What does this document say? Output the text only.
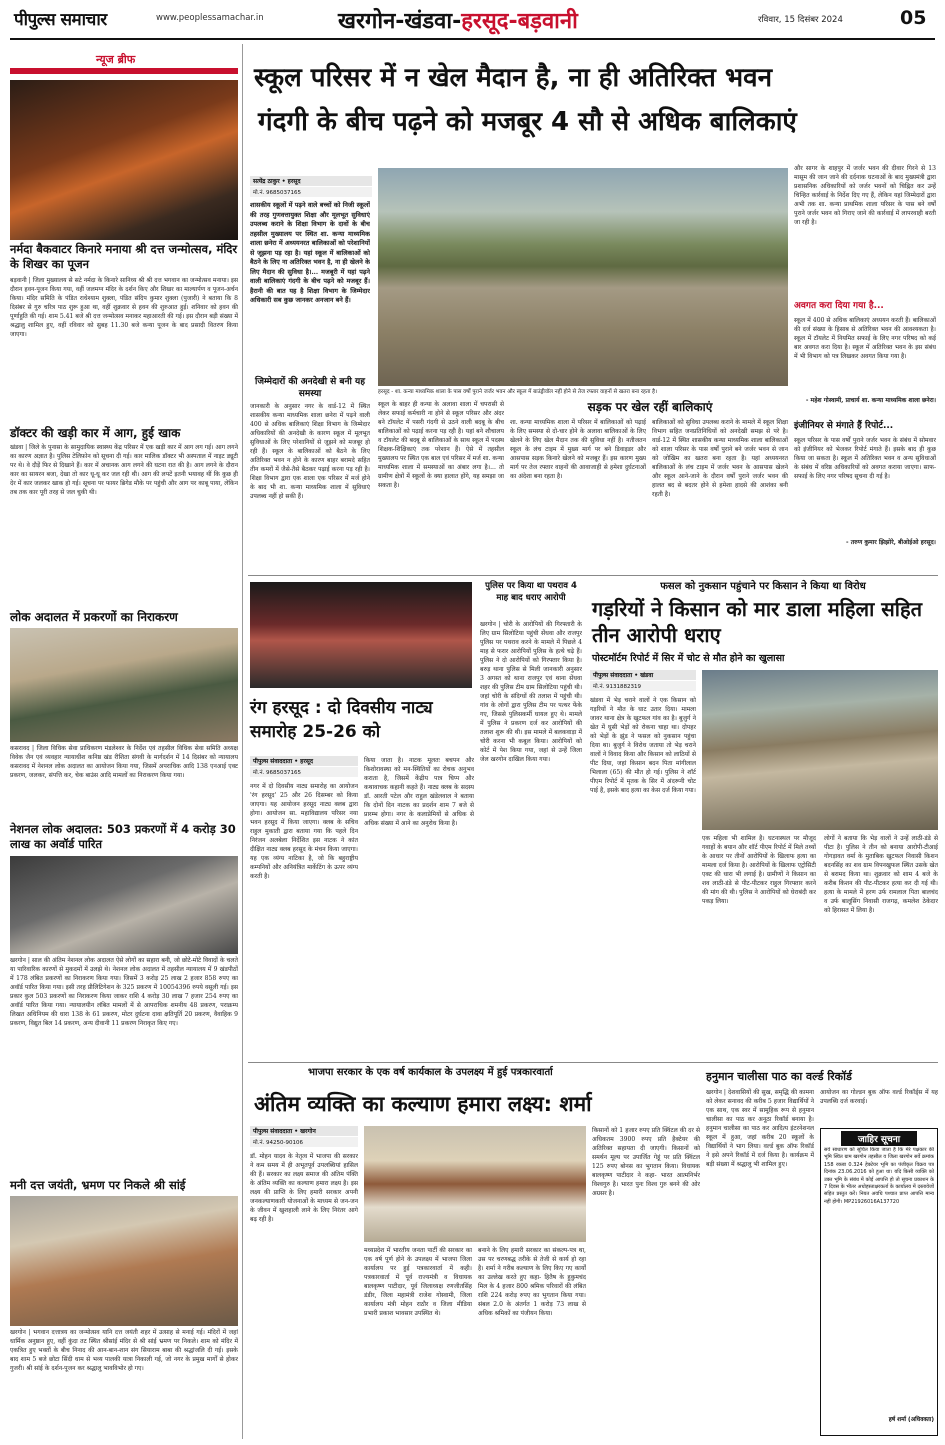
पीपुल्स समाचार	www.peoplessamachar.in	खरगोन-खंडवा-हरसूद-बड़वानी	रविवार, 15 दिसंबर 2024	05
न्यूज ब्रीफ
नर्मदा बैकवाटर किनारे मनाया श्री दत्त जन्मोत्सव, मंदिर के शिखर का पूजन
बड़वानी | जिला मुख्यालय से सटे नर्मदा के किनारे सानिध्य श्री श्री दत्त भगवान का जन्मोत्सव मनाया। इस दौरान हवन-पूजन किया गया, वहीं जलमग्न मंदिर के दर्शन किए और शिखर का माल्यार्पण व पूजन-अर्चन किया। मंदिर समिति के पंडित राधेश्याम शुक्ला, पंडित संदिप कुमार शुक्ला (पुजारी) ने बताया कि 8 दिसंबर से गुरु चरित्र पाठ शुरू हुआ था, वहीं शुक्रवार से हवन की शुरुआत हुई। शनिवार को हवन की पूर्णाहुति की गई। शाम 5.41 बजे श्री दत्त जन्मोत्सव मनाकर महाआरती की गई। इस दौरान बड़ी संख्या में श्रद्धालु शामिल हुए, वहीं रविवार को सुबह 11.30 बजे कन्या पूजन के बाद प्रसादी वितरण किया जाएगा।
डॉक्टर की खड़ी कार में आग, हुई खाक
खंडवा | जिले के पुनासा के सामुदायिक स्वास्थ्य केंद्र परिसर में एक खड़ी कार में आग लग गई। आग लगने का कारण अज्ञात है। पुलिस टेलिफ़ोन को सूचना दी गई। कार मालिक डॉक्टर भी अस्पताल में नाइट ड्यूटी पर थे। वे दौड़ें फिर से दिखाने हैं। कार में अचानक आग लगने की घटना रात की है। आग लगने के दौरान कार का सायरन बजा, देखा तो कार धू-धू कर जल रही थी। आग की लपटें इतनी भयावह थीं कि कुछ ही देर में कार जलकर खाक हो गई। सूचना पर फायर ब्रिगेड मौके पर पहुंची और आग पर काबू पाया, लेकिन तब तक कार पूरी तरह से जल चुकी थी।
लोक अदालत में प्रकरणों का निराकरण
कसरावद | जिला विधिक सेवा प्राधिकरण मंडलेश्वर के निर्देश एवं तहसील विधिक सेवा समिति अध्यक्ष विवेक जैन एवं व्यवहार न्यायाधीश कनिष्ठ खंड रीशिता संगवी के मार्गदर्शन में 14 दिसंबर को न्यायालय कसरावद में नेशनल लोक अदालत का आयोजन किया गया, जिसमें अपराधिक आदि 138 एनआई एक्ट प्रकरण, जलकर, संपत्ति कर, चेक बाउंस आदि मामलों का निराकरण किया गया।
नेशनल लोक अदालत: 503 प्रकरणों में 4 करोड़ 30 लाख का अवॉर्ड पारित
खरगोन | साल की अंतिम नेशनल लोक अदालत ऐसे लोगों का सहारा बनी, जो छोटे-मोटे विवादों के चलते या पारिवारिक कारणों से मुकदमों में उलझे थे। नेशनल लोक अदालत में तहसील न्यायालय में 9 खंडपीठों में 178 लंबित प्रकरणों का निराकरण किया गया। जिसमें 3 करोड़ 25 लाख 2 हजार 858 रुपए का अवॉर्ड पारित किया गया। इसी तरह प्रीलिटिगेशन के 325 प्रकरण में 10054396 रुपये वसूली गई। इस प्रकार कुल 503 प्रकरणों का निराकरण किया जाकर राशि 4 करोड़ 30 लाख 7 हजार 254 रुपए का अवॉर्ड पारित किया गया। न्यायालयीन लंबित मामलों में से आपराधिक शमनीय 48 प्रकरण, पराक्रम्य लिखत अधिनियम की धारा 138 के 61 प्रकरण, मोटर दुर्घटना दावा क्षतिपूर्ति 20 प्रकरण, वैवाहिक 9 प्रकरण, विद्युत बिल 14 प्रकरण, अन्य दीवानी 11 प्रकरण निराकृत किए गए।
मनी दत्त जयंती, भ्रमण पर निकले श्री सांई
खरगोन | भगवान दत्तात्रय का जन्मोत्सव यानि दत्त जयंती शहर में उत्साह से मनाई गई। मंदिरों में जहां धार्मिक अनुष्ठान हुए, वहीं कुंदा तट स्थित श्रीसांई मंदिर से श्री सांई भ्रमण पर निकले। शाम को मंदिर में एकत्रित हुए भक्तों के बीच निनाद की आन-बान-शान संग सियाराम बाबा की श्रद्धांजलि दी गई। इसके बाद शाम 5 बजे छोटा सिंदी धाम से भव्य पालकी यात्रा निकाली गई, जो नगर के प्रमुख मार्गों से होकर गुजरी। श्री सांई के दर्शन-पूजन कर श्रद्धालु भावविभोर हो गए।
स्कूल परिसर में न खेल मैदान है, ना ही अतिरिक्त भवन
गंदगी के बीच पढ़ने को मजबूर 4 सौ से अधिक बालिकाएं
सत्येंद्र ठाकुर • हरसूद
मो.नं. 9685037165
शासकीय स्कूलों में पढ़ने वाले बच्चों को निजी स्कूलों की तरह गुणवत्तायुक्त शिक्षा और मूलभूत सुविधाएं उपलब्ध कराने के शिक्षा विभाग के दावों के बीच तहसील मुख्यालय पर स्थित शा. कन्या माध्यमिक शाला छनेरा में अध्ययनरत बालिकाओं को परेशानियों से जूझना पड़ रहा है। यहां स्कूल में बालिकाओं को बैठने के लिए ना अतिरिक्त भवन है, ना ही खेलने के लिए मैदान की सुविधा है।... मजबूरी में यहां पढ़ने वाली बालिकाएं गंदगी के बीच पढ़ने को मजबूर हैं। हैरानी की बात यह है शिक्षा विभाग के जिम्मेदार अधिकारी सब कुछ जानकर अनजान बने हैं।
जिम्मेदारों की अनदेखी से बनी यह समस्या
जानकारी के अनुसार नगर के वार्ड-12 में स्थित शासकीय कन्या माध्यमिक शाला छनेरा में पढ़ने वाली 400 से अधिक बालिकाएं शिक्षा विभाग के जिम्मेदार अधिकारियों की अनदेखी के कारण स्कूल में मूलभूत सुविधाओं के लिए परेशानियों से जूझने को मजबूर हो रही हैं। स्कूल के बालिकाओं को बैठने के लिए अतिरिक्त भवन न होने के कारण बाहर बरामदे सहित तीन कमरों में जैसे-तैसे बैठकर पढ़ाई करना पड़ रही है। शिक्षा विभाग द्वारा एक शाला एक परिसर में मर्ज होने के बाद भी शा. कन्या माध्यमिक शाला में सुविधाएं उपलब्ध नहीं हो सकी हैं।
हरसूद - शा. कन्या माध्यमिक शाला के पास वर्षों पुराने जर्जर भवन और स्कूल में बाउंड्रीवॉल नहीं होने से तेज रफ्तार वाहनों से खतरा बना रहता है।
स्कूल के बाहर ही कन्या के अलावा शाला में चपरासी से लेकर सफाई कर्मचारी ना होने से स्कूल परिसर और अंदर बने टॉयलेट में पसरी गंदगी से उठने वाली बदबू के बीच बालिकाओं को पढ़ाई करना पड़ रही है। यहां बने शौचालय व टॉयलेट की बदबू से बालिकाओं के साथ स्कूल में पदस्थ शिक्षक-शिक्षिकाएं तक परेशान हैं। ऐसे में तहसील मुख्यालय पर स्थित एक बाल एवं परिसर में मर्ज शा. कन्या माध्यमिक शाला में समस्याओं का अंबार लगा है।... तो ग्रामीण क्षेत्रों में स्कूलों के क्या हालात होंगे, यह समझा जा सकता है।
सड़क पर खेल रहीं बालिकाएं
शा. कन्या माध्यमिक शाला में परिसर में बालिकाओं को पढ़ाई के लिए समस्या से दो-चार होने के अलावा बालिकाओं के लिए खेलने के लिए खेल मैदान तक की सुविधा नहीं है। नतीजतन स्कूल के लंच टाइम में मुख्य मार्ग पर बने डिवाइडर और आसपास सड़क किनारे खेलने को मजबूर हैं। इस कारण मुख्य मार्ग पर तेज रफ्तार वाहनों की आवाजाही से हमेशा दुर्घटनाओं का अंदेशा बना रहता है।
बालिकाओं को सुविधा उपलब्ध कराने के मामले में स्कूल शिक्षा विभाग सहित जनप्रतिनिधियों को अनदेखी समझ से परे है। वार्ड-12 में स्थित शासकीय कन्या माध्यमिक शाला बालिकाओं को शाला परिसर के पास वर्षों पुराने बने जर्जर भवन से जान को जोखिम का खतरा बना रहता है। यहां अध्ययनरत बालिकाओं के लंच टाइम में जर्जर भवन के आसपास खेलने और स्कूल आने-जाने के दौरान वर्षों पुराने जर्जर भवन की हालत बद से बदतर होने से हमेशा हादसे की आशंका बनी रहती है।
और सागर के शाहपुर में जर्जर भवन की दीवार गिरने से 13 मासूम की जान जाने की दर्दनाक घटनाओं के बाद मुख्यमंत्री द्वारा प्रशासनिक अधिकारियों को जर्जर भवनों को चिह्नित कर उन्हें चिन्हित कार्रवाई के निर्देश दिए गए हैं, लेकिन यहां जिम्मेदारों द्वारा अभी तक शा. कन्या प्राथमिक शाला परिसर के पास बने वर्षों पुराने जर्जर भवन को गिराए जाने की कार्रवाई में लापरवाही बरती जा रही है।
अवगत करा दिया गया है...
स्कूल में 400 से अधिक बालिकाएं अध्ययन करती हैं। बालिकाओं की दर्ज संख्या के हिसाब से अतिरिक्त भवन की आवश्यकता है। स्कूल में टॉयलेट में नियमित सफाई के लिए नगर परिषद को कई बार अवगत करा दिया है। स्कूल में अतिरिक्त भवन के इस संबंध में भी विभाग को पत्र लिखकर अवगत किया गया है।
- महेश गोस्वामी, प्राचार्य शा. कन्या माध्यमिक शाला छनेरा।
इंजीनियर से मंगाते हैं रिपोर्ट...
स्कूल परिसर के पास वर्षों पुराने जर्जर भवन के संबंध में सोमवार को इंजीनियर को भेजकर रिपोर्ट मंगाते हैं। इसके बाद ही कुछ किया जा सकता है। स्कूल में अतिरिक्त भवन व अन्य सुविधाओं के संबंध में वरिष्ठ अधिकारियों को अवगत कराया जाएगा। साफ-सफाई के लिए नगर परिषद सूचना दी गई है।
- तरुण कुमार झिझोरे, बीओईओ हरसूद।
रंग हरसूद : दो दिवसीय नाट्य समारोह 25-26 को
पीपुल्स संवाददाता • हरसूद
मो.नं. 9685037165
नगर में दो दिवसीय नाट्य समारोह का आयोजन 'रंग हरसूद' 25 और 26 दिसम्बर को किया जाएगा। यह आयोजन हरसूद नाट्य क्लब द्वारा होगा। आयोजन सा. महाविद्यालय परिसर नया भवन हरसूद में किया जाएगा। क्लब के सचिव राहुल मुकाती द्वारा बताया गया कि पहले दिन निरंजन अलबेला निर्देशित इस नाटक ने कांत दीक्षित नाट्य क्लब हरसूद के मंचन किया जाएगा। यह एक व्यंग्य नाटिका है, जो कि बहुराष्ट्रीय कम्पनियों और अनियंत्रित मार्केटिंग के ऊपर व्यंग्य करती है।
किया जाता है। नाटक मूलतः बचपन और किशोरावस्था को मन-स्थितियों का रोचक अनुभव कराता है, जिसमें केंद्रीय पात्र चिप्प और कथावाचक कहानी कहते हैं। नाट्य क्लब के सदस्य डॉ. आरती पटेल और राहुल खंडेलवाल ने बताया कि दोनों दिन नाटक का प्रदर्शन शाम 7 बजे से प्रारम्भ होगा। नगर के कलाप्रेमियों से अधिक से अधिक संख्या में आने का अनुरोध किया है।
पुलिस पर किया था पथराव 4 माह बाद धराए आरोपी
खरगोन | चोरी के आरोपियों की गिरफ्तारी के लिए ग्राम सिलोटिया पहुंची सेंधवा और राजपुर पुलिस पर पथराव करने के मामले में पिछले 4 माह से फरार आरोपियों पुलिस के हत्थे चढ़े हैं। पुलिस ने दो आरोपियों को गिरफ्तार किया है। बरुड़ थाना पुलिस से मिली जानकारी अनुसार 3 अगस्त को थाना राजपुर एवं थाना सेंधवा शहर की पुलिस टीम ग्राम सिलोटिया पहुंची थी। जहां चोरी के संदिग्धों की तलाश में पहुंची थी। गांव के लोगों द्वारा पुलिस टीम पर पत्थर फेंके गए, जिससे पुलिसकर्मी घायल हुए थे। मामले में पुलिस ने प्रकरण दर्ज कर आरोपियों की तलाश शुरू की थी। इस मामले में बलकवाड़ा में चोरी करना भी कबूल किया। आरोपियों को कोर्ट में पेश किया गया, जहां से उन्हें जिला जेल खरगोन दाखिल किया गया।
फसल को नुकसान पहुंचाने पर किसान ने किया था विरोध
गड़रियों ने किसान को मार डाला महिला सहित तीन आरोपी धराए
पोस्टमॉर्टम रिपोर्ट में सिर में चोट से मौत होने का खुलासा
पीपुल्स संवाददाता • खंडवा
मो.नं. 9131882319
खंडवा में भेड़ चराने वालों ने एक किसान को गड़रियों ने मौत के घाट उतार दिया। मामला जावर थाना क्षेत्र के खुटफल गांव का है। बुजुर्ग ने खेत में घुसी भेड़ों को रोकना चाहा था। दोपहर को भेड़ों के झुंड ने फसल को नुकसान पहुंचा दिया था। बुजुर्ग ने विरोध जताया तो भेड़ चराने वालों ने विवाद किया और किसान को लाठियों से पीट दिया, जहां किसान बदन पिता मांगीलाल भिलाला (65) की मौत हो गई। पुलिस ने शॉर्ट पीएम रिपोर्ट में मृतक के सिर में अंदरूनी चोट पाई है, इसके बाद हत्या का केस दर्ज किया गया।
एक महिला भी शामिल है। घटनास्थल पर मौजूद गवाहों के बयान और शॉर्ट पीएम रिपोर्ट में मिले तथ्यों के आधार पर तीनों आरोपियों के खिलाफ हत्या का मामला दर्ज किया है। आरोपियों के खिलाफ एट्रोसिटी एक्ट की धारा भी लगाई है। ग्रामीणों ने किसान का शव लाठी-डंडे से पीट-पीटकर राहुल गिरफ्तार करने की मांग की थी। पुलिस ने आरोपियों को घेराबंदी कर पकड़ लिया।
लोगों ने बताया कि भेड़ वालों ने उन्हें लाठी-डंडे से पीटा है। पुलिस ने तीन को बनाया आरोपी-टीआई गोगड़ावत वर्मा के मुताबिक खुटफल निवासी किशन बदनसिंह का शव ग्राम विपनखुफल स्थित उसके खेत से बरामद किया था। शुक्रवार को शाम 4 बजे के करीब किशन की पीट-पीटकर हत्या कर दी गई थी। हत्या के मामले में हरण उर्फ रामलाल पिता बालचंद व उर्फ बालूसिंग निवासी राजगढ़, कमलेश ठेकेदार को हिरासत में लिया है।
भाजपा सरकार के एक वर्ष कार्यकाल के उपलक्ष्य में हुई पत्रकारवार्ता
अंतिम व्यक्ति का कल्याण हमारा लक्ष्य: शर्मा
पीपुल्स संवाददाता • खरगोन
मो.नं. 94250-90106
डॉ. मोहन यादव के नेतृत्व में भाजपा की सरकार ने कम समय में ही अभूतपूर्व उपलब्धियां हासिल की हैं। सरकार का लक्ष्य समाज की अंतिम पंक्ति के अंतिम व्यक्ति का कल्याण हमारा लक्ष्य है। इस लक्ष्य की प्राप्ति के लिए हमारी सरकार अपनी जनकल्याणकारी योजनाओं के माध्यम से जन-जन के जीवन में खुशहाली लाने के लिए निरंतर आगे बढ़ रही है।
मध्यप्रदेश में भारतीय जनता पार्टी की सरकार का एक वर्ष पूर्ण होने के उपलक्ष्य में भाजपा जिला कार्यालय पर हुई पत्रकारवार्ता में कही। पत्रकारवार्ता में पूर्व राज्यमंत्री व विधायक बालकृष्ण पाटीदार, पूर्व जिलाध्यक्ष रणजीतसिंह डंडीर, जिला महामंत्री राजेश गोस्वामी, जिला कार्यालय मंत्री मोहन राठौर व जिला मीडिया प्रभारी प्रकाश भावसार उपस्थित थे।
बनाने के लिए हमारी सरकार का संकल्प-पत्र था, उस पर चरणबद्ध तरीके से तेजी से कार्य हो रहा है। शर्मा ने गरीब कल्याण के लिए किए गए कार्यों का उल्लेख करते हुए कहा- हितैष के हुकुमचंद मिल के 4 हजार 800 श्रमिक परिवारों की लंबित राशि 224 करोड़ रुपए का भुगतान किया गया। संबल 2.0 के अंतर्गत 1 करोड़ 73 लाख से अधिक श्रमिकों का पंजीयन किया।
किसानों को 1 हजार रुपए प्रति क्विंटल की दर से अधिकतम 3900 रुपए प्रति हैक्टेयर की अतिरिक्त सहायता दी जाएगी। किसानों को समर्थन मूल्य पर उपार्जित गेहूं पर प्रति क्विंटल 125 रुपए बोनस का भुगतान किया। विधायक बालकृष्ण पाटीदार ने कहा- भारत आत्मनिर्भर विश्वगुरु है। भारत पुनः विश्व गुरु बनने की ओर अग्रसर है।
हनुमान चालीसा पाठ का वर्ल्ड रिकॉर्ड
खरगोन | देशवासियों की सुख, समृद्धि की कामना को लेकर सनावद की करीब 5 हजार विद्यार्थियों ने एक साथ, एक स्वर में सामूहिक रूप से हनुमान चालीसा का पाठ कर अनूठा रिकॉर्ड बनाया है। हनुमान चालीसा का पाठ कर आदित्य इंटरनेशनल स्कूल में हुआ, जहां करीब 20 स्कूलों के विद्यार्थियों ने भाग लिया। वर्ल्ड बुक ऑफ रिकॉर्ड ने इसे अपने रिकॉर्ड में दर्ज किया है। कार्यक्रम में बड़ी संख्या में श्रद्धालु भी शामिल हुए।
आयोजन का गोल्डन बुक ऑफ वर्ल्ड रिकॉर्ड्स में यह उपलब्धि दर्ज करवाई।
जाहिर सूचना
सर्व साधारण को सूचित किया जाता है कि मेरे पक्षकार की भूमि स्थित ग्राम खरगोन तहसील व जिला खरगोन सर्वे क्रमांक 158 रकबा 0.324 हेक्टेयर भूमि का पंजीकृत विक्रय पत्र दिनांक 23.06.2016 को हुआ था। यदि किसी व्यक्ति को उक्त भूमि के संबंध में कोई आपत्ति हो तो सूचना प्रकाशन के 7 दिवस के भीतर अधोहस्ताक्षरकर्ता के कार्यालय में दस्तावेजों सहित प्रस्तुत करें। नियत अवधि पश्चात प्राप्त आपत्ति मान्य नहीं होगी। MP21926016A137720
हर्ष शर्मा (अधिवक्ता)
